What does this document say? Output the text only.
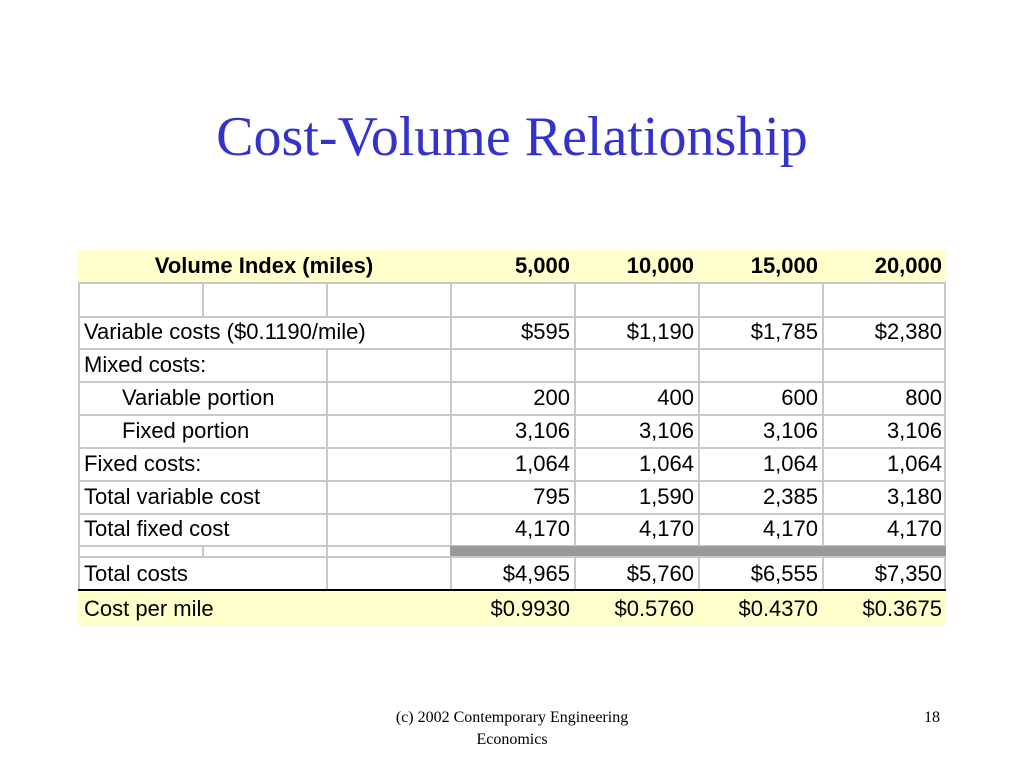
Cost-Volume Relationship
Volume Index (miles)	5,000	10,000	15,000	20,000
Variable costs ($0.1190/mile)	$595	$1,190	$1,785	$2,380
Mixed costs:
Variable portion	200	400	600	800
Fixed portion	3,106	3,106	3,106	3,106
Fixed costs:	1,064	1,064	1,064	1,064
Total variable cost	795	1,590	2,385	3,180
Total fixed cost	4,170	4,170	4,170	4,170
Total costs	$4,965	$5,760	$6,555	$7,350
Cost per mile	$0.9930	$0.5760	$0.4370	$0.3675
(c) 2002 Contemporary Engineering
Economics
18
